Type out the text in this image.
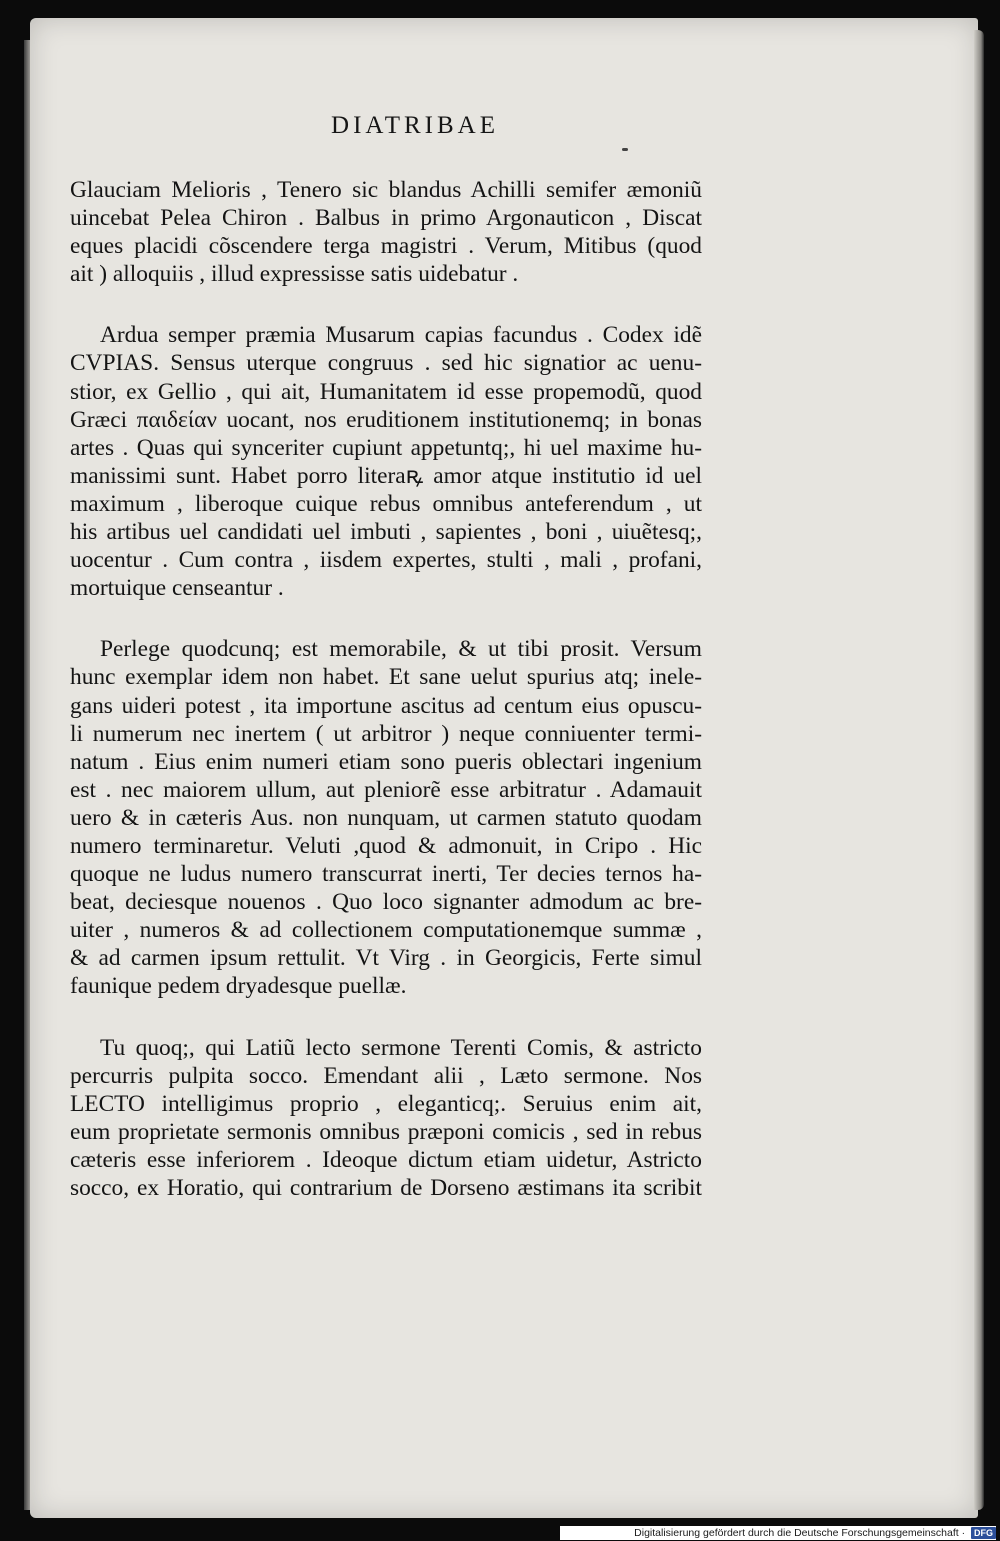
DIATRIBAE
Glauciam Melioris , Tenero sic blandus Achilli semifer æmoniũ
uincebat Pelea Chiron . Balbus in primo Argonauticon , Discat
eques placidi cõscendere terga magistri . Verum, Mitibus (quod
ait ) alloquiis , illud expressisse satis uidebatur .
Ardua semper præmia Musarum capias facundus . Codex idẽ
CVPIAS. Sensus uterque congruus . sed hic signatior ac uenu-
stior, ex Gellio , qui ait, Humanitatem id esse propemodũ, quod
Græci παιδείαν uocant, nos eruditionem institutionemq; in bonas
artes . Quas qui synceriter cupiunt appetuntq;, hi uel maxime hu-
manissimi sunt. Habet porro literaꝶ amor atque institutio id uel
maximum , liberoque cuique rebus omnibus anteferendum , ut
his artibus uel candidati uel imbuti , sapientes , boni , uiuẽtesq;,
uocentur . Cum contra , iisdem expertes, stulti , mali , profani,
mortuique censeantur .
Perlege quodcunq; est memorabile, & ut tibi prosit. Versum
hunc exemplar idem non habet. Et sane uelut spurius atq; inele-
gans uideri potest , ita importune ascitus ad centum eius opuscu-
li numerum nec inertem ( ut arbitror ) neque conniuenter termi-
natum . Eius enim numeri etiam sono pueris oblectari ingenium
est . nec maiorem ullum, aut pleniorẽ esse arbitratur . Adamauit
uero & in cæteris Aus. non nunquam, ut carmen statuto quodam
numero terminaretur. Veluti ,quod & admonuit, in Cripo . Hic
quoque ne ludus numero transcurrat inerti, Ter decies ternos ha-
beat, deciesque nouenos . Quo loco signanter admodum ac bre-
uiter , numeros & ad collectionem computationemque summæ ,
& ad carmen ipsum rettulit. Vt Virg . in Georgicis, Ferte simul
faunique pedem dryadesque puellæ.
Tu quoq;, qui Latiũ lecto sermone Terenti Comis, & astricto
percurris pulpita socco. Emendant alii , Læto sermone. Nos
LECTO intelligimus proprio , eleganticq;. Seruius enim ait,
eum proprietate sermonis omnibus præponi comicis , sed in rebus
cæteris esse inferiorem . Ideoque dictum etiam uidetur, Astricto
socco, ex Horatio, qui contrarium de Dorseno æstimans ita scribit
Digitalisierung gefördert durch die Deutsche Forschungsgemeinschaft · DFG
